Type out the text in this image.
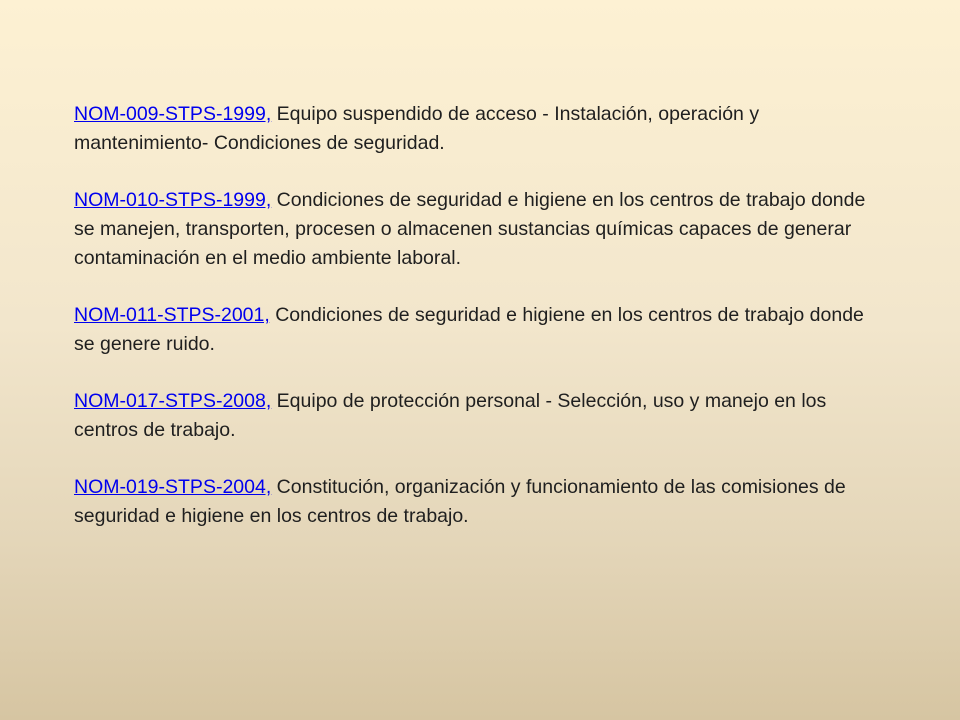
NOM-009-STPS-1999, Equipo suspendido de acceso - Instalación, operación y mantenimiento- Condiciones de seguridad.

NOM-010-STPS-1999, Condiciones de seguridad e higiene en los centros de trabajo donde se manejen, transporten, procesen o almacenen sustancias químicas capaces de generar contaminación en el medio ambiente laboral.

NOM-011-STPS-2001, Condiciones de seguridad e higiene en los centros de trabajo donde se genere ruido.

NOM-017-STPS-2008, Equipo de protección personal - Selección, uso y manejo en los centros de trabajo.

NOM-019-STPS-2004, Constitución, organización y funcionamiento de las comisiones de seguridad e higiene en los centros de trabajo.
